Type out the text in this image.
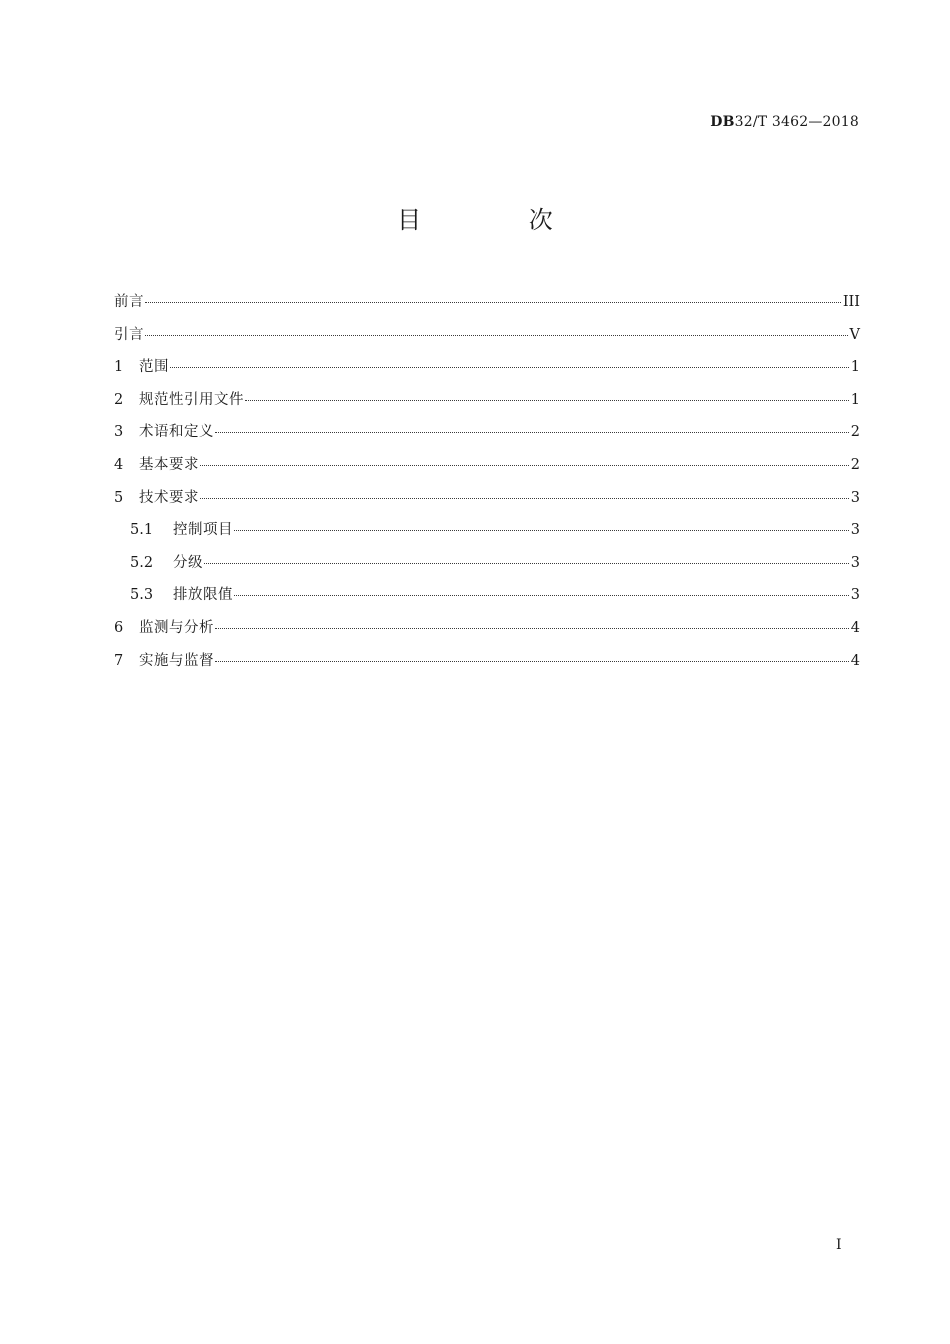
DB32/T 3462—2018
目 次
前言	III
引言	V
1	范围	1
2	规范性引用文件	1
3	术语和定义	2
4	基本要求	2
5	技术要求	3
5.1	控制项目	3
5.2	分级	3
5.3	排放限值	3
6	监测与分析	4
7	实施与监督	4
I
